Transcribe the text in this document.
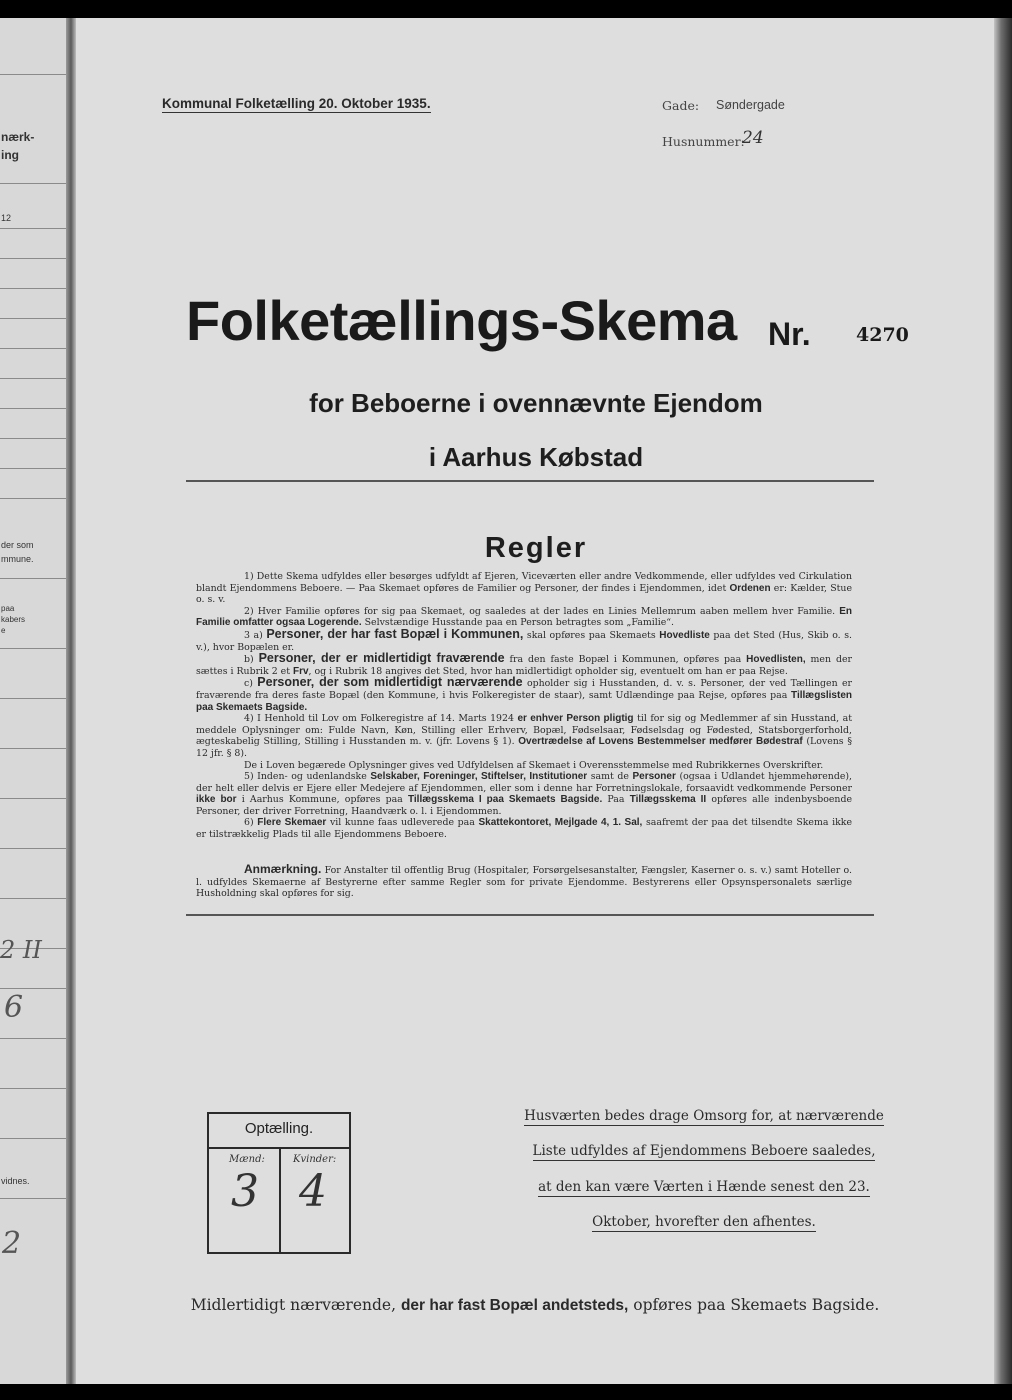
nærk-
ing
12
der som
mmune.
paa
kabers
e
2 II
6
vidnes.
2
Kommunal Folketælling 20. Oktober 1935.	Gade: Søndergade
Husnummer:
24
Folketællings-Skema Nr. 4270
for Beboerne i ovennævnte Ejendom
i Aarhus Købstad
Regler

1) Dette Skema udfyldes eller besørges udfyldt af Ejeren, Viceværten eller andre Vedkommende, eller udfyldes ved Cirkulation blandt Ejendommens Beboere. — Paa Skemaet opføres de Familier og Personer, der findes i Ejendommen, idet Ordenen er: Kælder, Stue o. s. v.

2) Hver Familie opføres for sig paa Skemaet, og saaledes at der lades en Linies Mellemrum aaben mellem hver Familie. En Familie omfatter ogsaa Logerende. Selvstændige Husstande paa en Person betragtes som „Familie“.

3 a) Personer, der har fast Bopæl i Kommunen, skal opføres paa Skemaets Hovedliste paa det Sted (Hus, Skib o. s. v.), hvor Bopælen er.

b) Personer, der er midlertidigt fraværende fra den faste Bopæl i Kommunen, opføres paa Hovedlisten, men der sættes i Rubrik 2 et Frv, og i Rubrik 18 angives det Sted, hvor han midlertidigt opholder sig, eventuelt om han er paa Rejse.

c) Personer, der som midlertidigt nærværende opholder sig i Husstanden, d. v. s. Personer, der ved Tællingen er fraværende fra deres faste Bopæl (den Kommune, i hvis Folkeregister de staar), samt Udlændinge paa Rejse, opføres paa Tillægslisten paa Skemaets Bagside.

4) I Henhold til Lov om Folkeregistre af 14. Marts 1924 er enhver Person pligtig til for sig og Medlemmer af sin Husstand, at meddele Oplysninger om: Fulde Navn, Køn, Stilling eller Erhverv, Bopæl, Fødselsaar, Fødselsdag og Fødested, Statsborgerforhold, ægteskabelig Stilling, Stilling i Husstanden m. v. (jfr. Lovens § 1). Overtrædelse af Lovens Bestemmelser medfører Bødestraf (Lovens § 12 jfr. § 8).

De i Loven begærede Oplysninger gives ved Udfyldelsen af Skemaet i Overensstemmelse med Rubrikkernes Overskrifter.

5) Inden- og udenlandske Selskaber, Foreninger, Stiftelser, Institutioner samt de Personer (ogsaa i Udlandet hjemmehørende), der helt eller delvis er Ejere eller Medejere af Ejendommen, eller som i denne har Forretningslokale, forsaavidt vedkommende Personer ikke bor i Aarhus Kommune, opføres paa Tillægsskema I paa Skemaets Bagside. Paa Tillægsskema II opføres alle indenbysboende Personer, der driver Forretning, Haandværk o. l. i Ejendommen.

6) Flere Skemaer vil kunne faas udleverede paa Skattekontoret, Mejlgade 4, 1. Sal, saafremt der paa det tilsendte Skema ikke er tilstrækkelig Plads til alle Ejendommens Beboere.

Anmærkning. For Anstalter til offentlig Brug (Hospitaler, Forsørgelsesanstalter, Fængsler, Kaserner o. s. v.) samt Hoteller o. l. udfyldes Skemaerne af Bestyrerne efter samme Regler som for private Ejendomme. Bestyrerens eller Opsynspersonalets særlige Husholdning skal opføres for sig.

Optælling.
Mænd:
3
Kvinder:
4
Husværten bedes drage Omsorg for, at nærværende
Liste udfyldes af Ejendommens Beboere saaledes,
at den kan være Værten i Hænde senest den 23.
Oktober, hvorefter den afhentes.
Midlertidigt nærværende, der har fast Bopæl andetsteds, opføres paa Skemaets Bagside.
